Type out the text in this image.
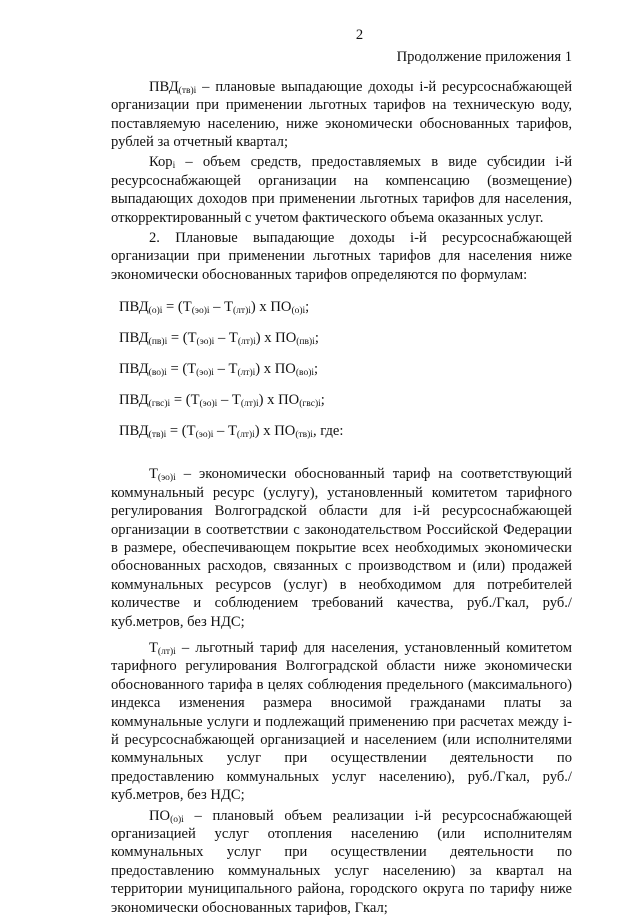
2
Продолжение приложения 1

$ПВД_{(тв)i}$ – плановые выпадающие доходы i-й ресурсоснабжающей организации при применении льготных тарифов на техническую воду, поставляемую населению, ниже экономически обоснованных тарифов, рублей за отчетный квартал;

Кор$_i$ – объем средств, предоставляемых в виде субсидии i-й ресурсоснабжающей организации на компенсацию (возмещение) выпадающих доходов при применении льготных тарифов для населения, откорректированный с учетом фактического объема оказанных услуг.

2. Плановые выпадающие доходы i-й ресурсоснабжающей организации при применении льготных тарифов для населения ниже экономически обоснованных тарифов определяются по формулам:

$ПВД_{(о)i} = (Т_{(эо)i} - Т_{(лт)i})$ х $ПО_{(о)i}$;
$ПВД_{(пв)i} = (Т_{(эо)i} - Т_{(лт)i})$ х $ПО_{(пв)i}$;
$ПВД_{(во)i} = (Т_{(эо)i} - Т_{(лт)i})$ х $ПО_{(во)i}$;
$ПВД_{(гвс)i} = (Т_{(эо)i} - Т_{(лт)i})$ х $ПО_{(гвс)i}$;
$ПВД_{(тв)i} = (Т_{(эо)i} - Т_{(лт)i})$ х $ПО_{(тв)i}$, где:

$Т_{(эо)i}$ – экономически обоснованный тариф на соответствующий коммунальный ресурс (услугу), установленный комитетом тарифного регулирования Волгоградской области для i-й ресурсоснабжающей организации в соответствии с законодательством Российской Федерации в размере, обеспечивающем покрытие всех необходимых экономически обоснованных расходов, связанных с производством и (или) продажей коммунальных ресурсов (услуг) в необходимом для потребителей количестве и соблюдением требований качества, руб./Гкал, руб./куб.метров, без НДС;

$Т_{(лт)i}$ – льготный тариф для населения, установленный комитетом тарифного регулирования Волгоградской области ниже экономически обоснованного тарифа в целях соблюдения предельного (максимального) индекса изменения размера вносимой гражданами платы за коммунальные услуги и подлежащий применению при расчетах между i-й ресурсоснабжающей организацией и населением (или исполнителями коммунальных услуг при осуществлении деятельности по предоставлению коммунальных услуг населению), руб./Гкал, руб./куб.метров, без НДС;

$ПО_{(о)i}$ – плановый объем реализации i-й ресурсоснабжающей организацией услуг отопления населению (или исполнителям коммунальных услуг при осуществлении деятельности по предоставлению коммунальных услуг населению) за квартал на территории муниципального района, городского округа по тарифу ниже экономически обоснованных тарифов, Гкал;
